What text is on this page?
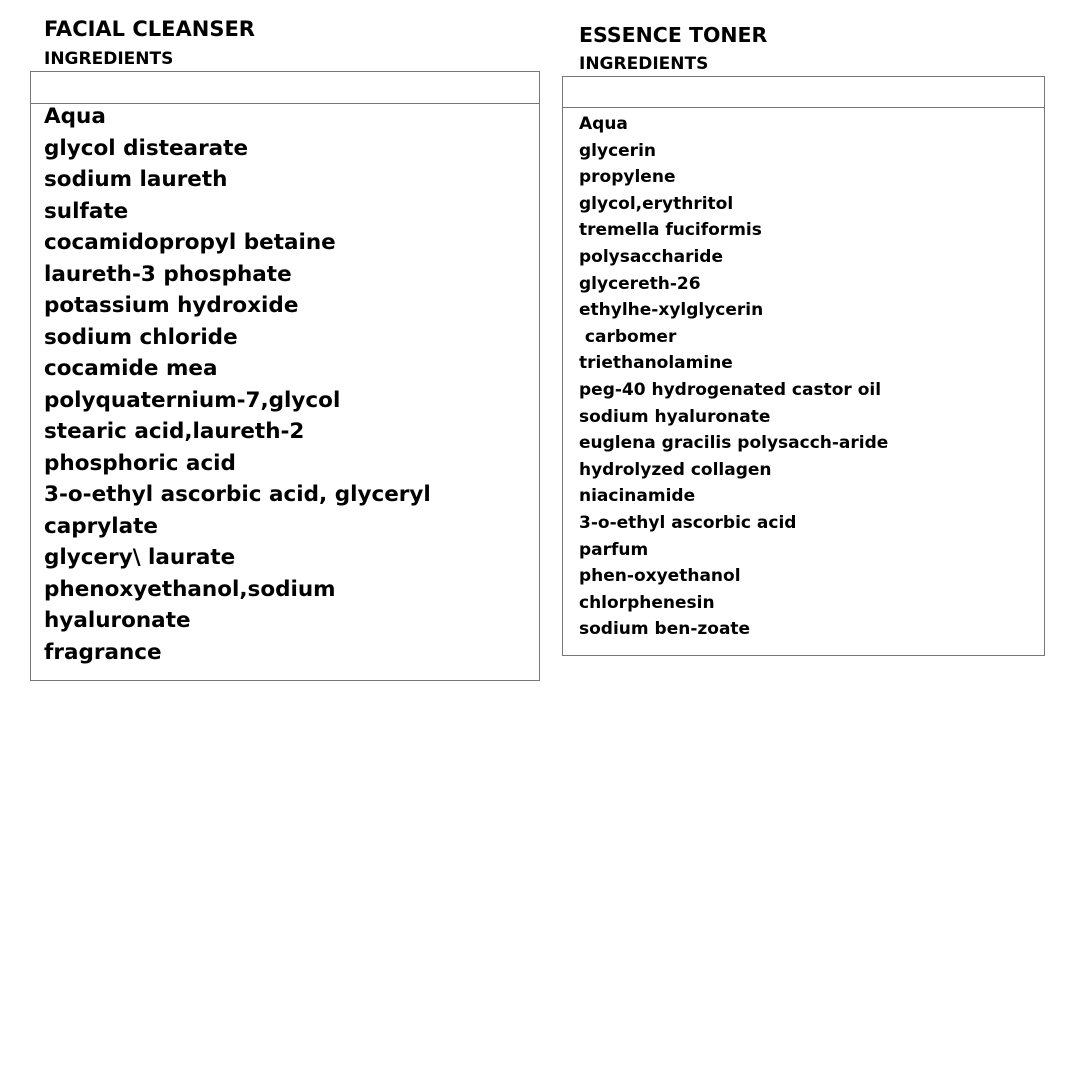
FACIAL CLEANSER
INGREDIENTS
Aqua
glycol distearate
sodium laureth
sulfate
cocamidopropyl betaine
laureth-3 phosphate
potassium hydroxide
sodium chloride
cocamide mea
polyquaternium-7,glycol
stearic acid,laureth-2
phosphoric acid
3-o-ethyl ascorbic acid, glyceryl
caprylate
glycery\ laurate
phenoxyethanol,sodium
hyaluronate
fragrance
ESSENCE TONER
INGREDIENTS
Aqua
glycerin
propylene
glycol,erythritol
tremella fuciformis
polysaccharide
glycereth-26
ethylhe-xylglycerin
carbomer
triethanolamine
peg-40 hydrogenated castor oil
sodium hyaluronate
euglena gracilis polysacch-aride
hydrolyzed collagen
niacinamide
3-o-ethyl ascorbic acid
parfum
phen-oxyethanol
chlorphenesin
sodium ben-zoate
